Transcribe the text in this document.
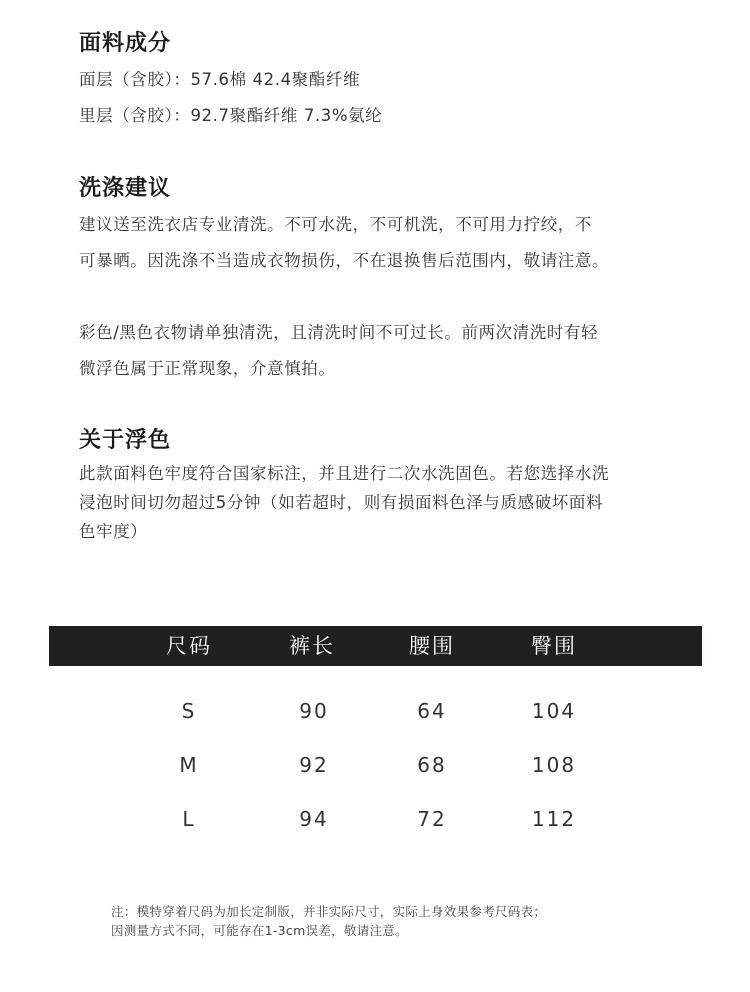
面料成分

面层（含胶）：57.6棉 42.4聚酯纤维

里层（含胶）：92.7聚酯纤维 7.3%氨纶

洗涤建议

建议送至洗衣店专业清洗。不可水洗，不可机洗，不可用力拧绞，不

可暴晒。因洗涤不当造成衣物损伤，不在退换售后范围内，敬请注意。

彩色/黑色衣物请单独清洗，且清洗时间不可过长。前两次清洗时有轻

微浮色属于正常现象，介意慎拍。

关于浮色

此款面料色牢度符合国家标注，并且进行二次水洗固色。若您选择水洗

浸泡时间切勿超过5分钟（如若超时，则有损面料色泽与质感破坏面料

色牢度）

尺码	裤长	腰围	臀围
S	90	64	104
M	92	68	108
L	94	72	112

注：模特穿着尺码为加长定制版，并非实际尺寸，实际上身效果参考尺码表；

因测量方式不同，可能存在1-3cm误差，敬请注意。
